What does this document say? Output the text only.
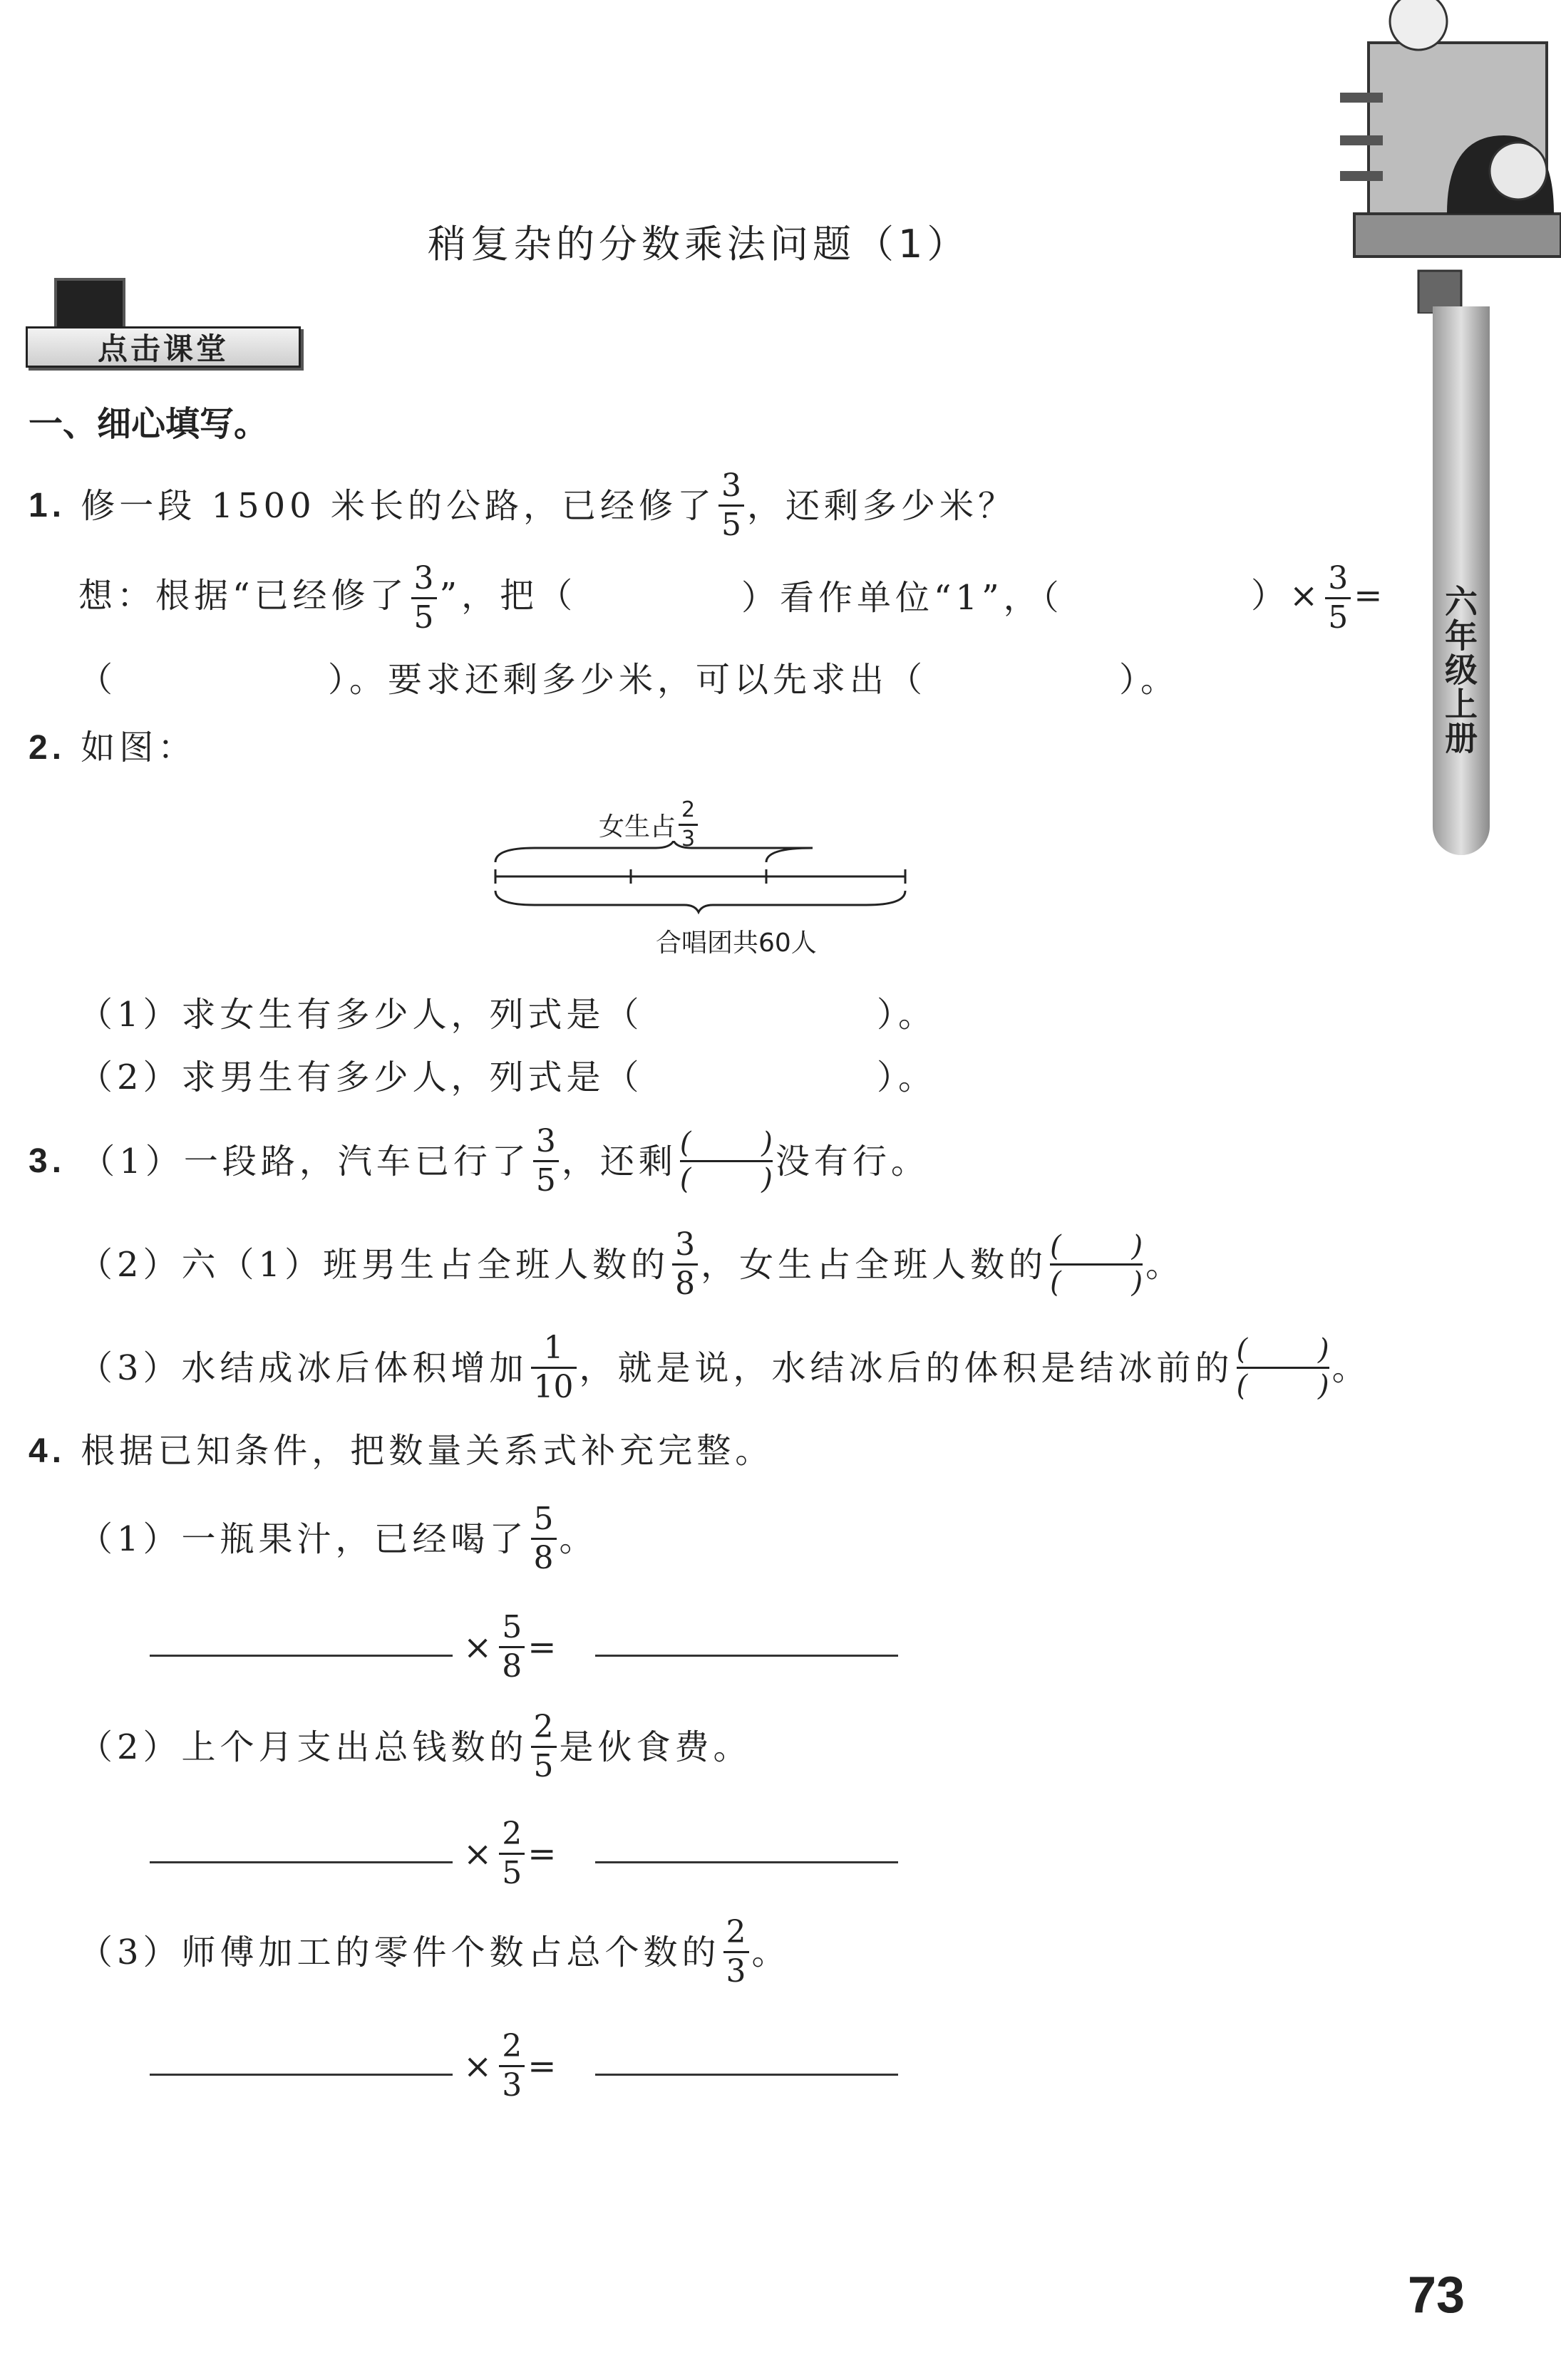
六年级上册
稍复杂的分数乘法问题（1）
点击课堂
一、细心填写。
1.
修一段 1500 米长的公路，已经修了 $\frac{3}{5}$ ，还剩多少米？
想：根据“已经修了 $\frac{3}{5}$ ”，把（	）看作单位“1”，（	）× $\frac{3}{5}$ =
（	）。要求还剩多少米，可以先求出（	）。
2. 如图：
女生占 $\frac{2}{3}$
合唱团共60人
（1）求女生有多少人，列式是（	）。
（2）求男生有多少人，列式是（	）。
3.
（1）一段路，汽车已行了 $\frac{3}{5}$ ，还剩 $\frac{( )}{( )}$ 没有行。
（2）六（1）班男生占全班人数的 $\frac{3}{8}$ ，女生占全班人数的 $\frac{( )}{( )}$ 。
（3）水结成冰后体积增加 $\frac{1}{10}$ ，就是说，水结冰后的体积是结冰前的 $\frac{( )}{( )}$ 。
4. 根据已知条件，把数量关系式补充完整。
（1）一瓶果汁，已经喝了 $\frac{5}{8}$ 。
× $\frac{5}{8}$ =
（2）上个月支出总钱数的 $\frac{2}{5}$ 是伙食费。
× $\frac{2}{5}$ =
（3）师傅加工的零件个数占总个数的 $\frac{2}{3}$ 。
× $\frac{2}{3}$ =
73
